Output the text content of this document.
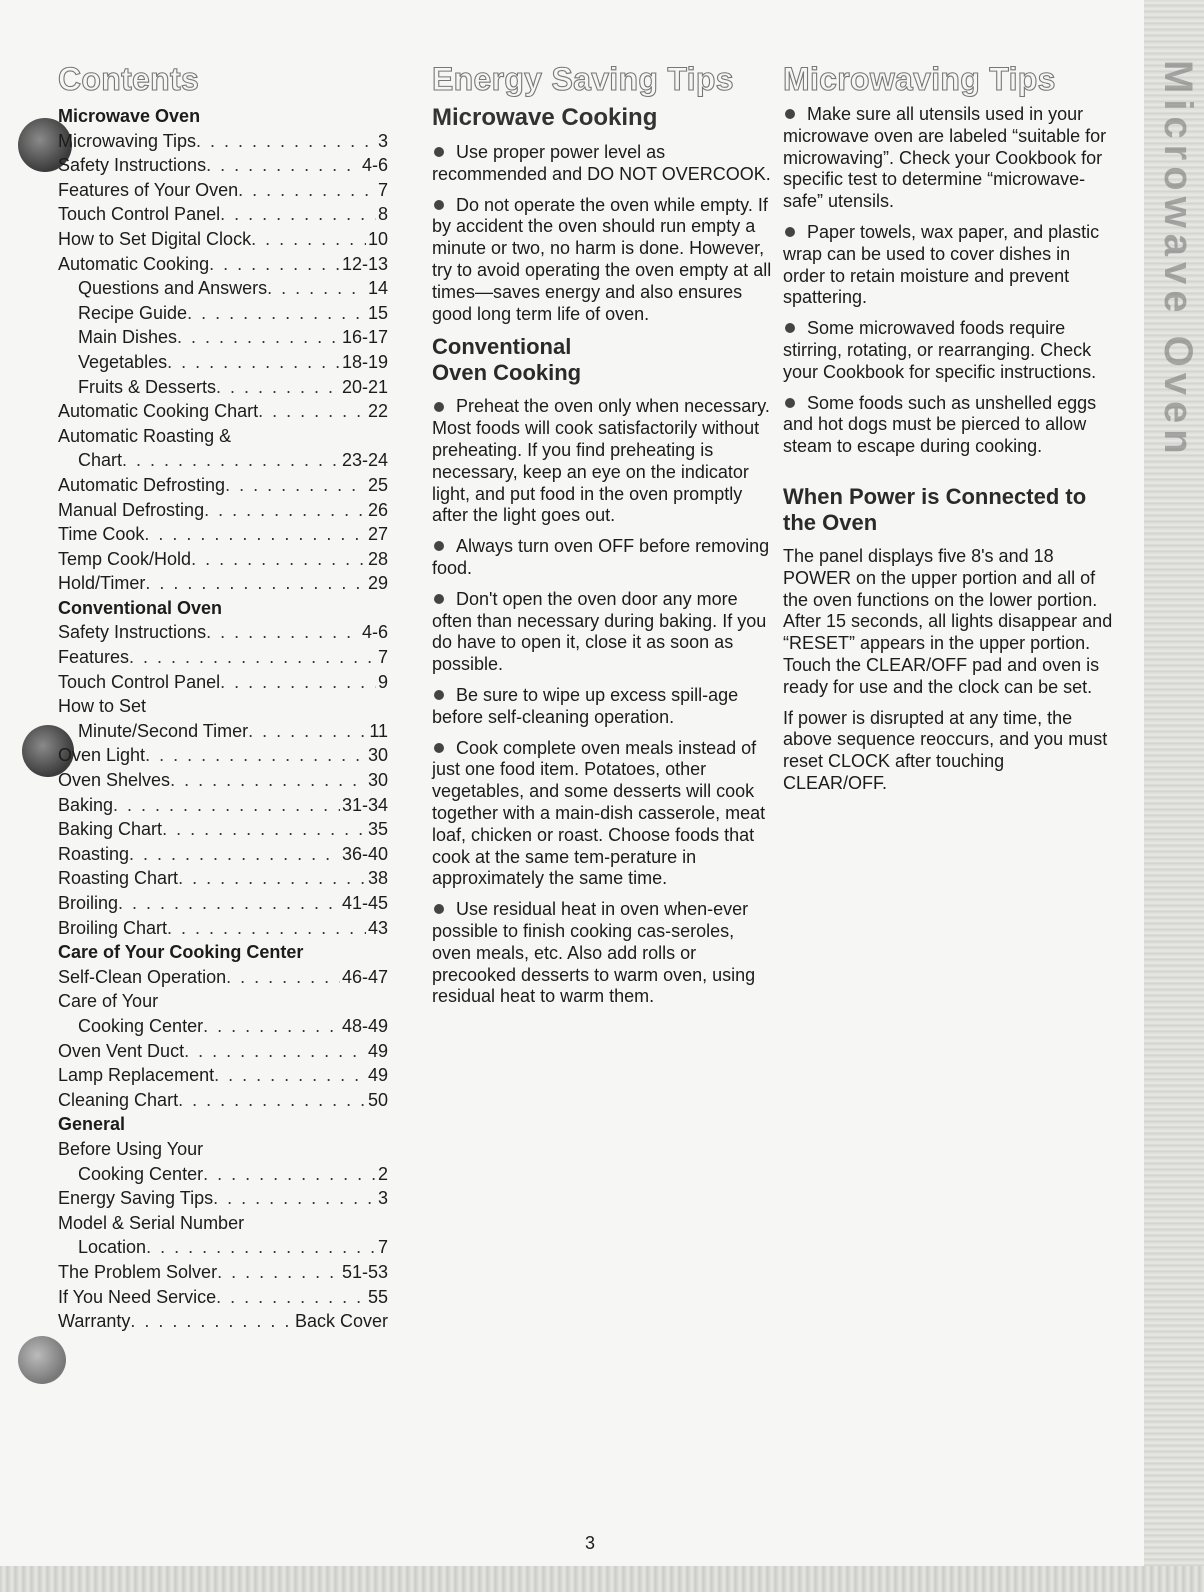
Contents
Microwave Oven
Microwaving Tips . . .	3
Safety Instructions . . .	4-6
Features of Your Oven . . .	7
Touch Control Panel . . .	8
How to Set Digital Clock . . .	10
Automatic Cooking . . .	12-13
Questions and Answers . . .	14
Recipe Guide . . .	15
Main Dishes . . .	16-17
Vegetables . . .	18-19
Fruits & Desserts . . .	20-21
Automatic Cooking Chart . . .	22
Automatic Roasting &
Chart . . .	23-24
Automatic Defrosting . . .	25
Manual Defrosting . . .	26
Time Cook . . .	27
Temp Cook/Hold . . .	28
Hold/Timer . . .	29
Conventional Oven
Safety Instructions . . .	4-6
Features . . .	7
Touch Control Panel . . .	9
How to Set
Minute/Second Timer . . .	11
Oven Light . . .	30
Oven Shelves . . .	30
Baking . . .	31-34
Baking Chart . . .	35
Roasting . . .	36-40
Roasting Chart . . .	38
Broiling . . .	41-45
Broiling Chart . . .	43
Care of Your Cooking Center
Self-Clean Operation . . .	46-47
Care of Your
Cooking Center . . .	48-49
Oven Vent Duct . . .	49
Lamp Replacement . . .	49
Cleaning Chart . . .	50
General
Before Using Your
Cooking Center . . .	2
Energy Saving Tips . . .	3
Model & Serial Number
Location . . .	7
The Problem Solver . . .	51-53
If You Need Service . . .	55
Warranty . . .	Back Cover
Energy Saving Tips
Microwave Cooking
Use proper power level as recommended and DO NOT OVERCOOK.
Do not operate the oven while empty. If by accident the oven should run empty a minute or two, no harm is done. However, try to avoid operating the oven empty at all times—saves energy and also ensures good long term life of oven.
Conventional
Oven Cooking
Preheat the oven only when necessary. Most foods will cook satisfactorily without preheating. If you find preheating is necessary, keep an eye on the indicator light, and put food in the oven promptly after the light goes out.
Always turn oven OFF before removing food.
Don't open the oven door any more often than necessary during baking. If you do have to open it, close it as soon as possible.
Be sure to wipe up excess spill-age before self-cleaning operation.
Cook complete oven meals instead of just one food item. Potatoes, other vegetables, and some desserts will cook together with a main-dish casserole, meat loaf, chicken or roast. Choose foods that cook at the same tem-perature in approximately the same time.
Use residual heat in oven when-ever possible to finish cooking cas-seroles, oven meals, etc. Also add rolls or precooked desserts to warm oven, using residual heat to warm them.
Microwaving Tips
Make sure all utensils used in your microwave oven are labeled “suitable for microwaving”. Check your Cookbook for specific test to determine “microwave-safe” utensils.
Paper towels, wax paper, and plastic wrap can be used to cover dishes in order to retain moisture and prevent spattering.
Some microwaved foods require stirring, rotating, or rearranging. Check your Cookbook for specific instructions.
Some foods such as unshelled eggs and hot dogs must be pierced to allow steam to escape during cooking.
When Power is Connected to the Oven
The panel displays five 8's and 18 POWER on the upper portion and all of the oven functions on the lower portion. After 15 seconds, all lights disappear and “RESET” appears in the upper portion. Touch the CLEAR/OFF pad and oven is ready for use and the clock can be set.
If power is disrupted at any time, the above sequence reoccurs, and you must reset CLOCK after touching CLEAR/OFF.
Microwave Oven
3
